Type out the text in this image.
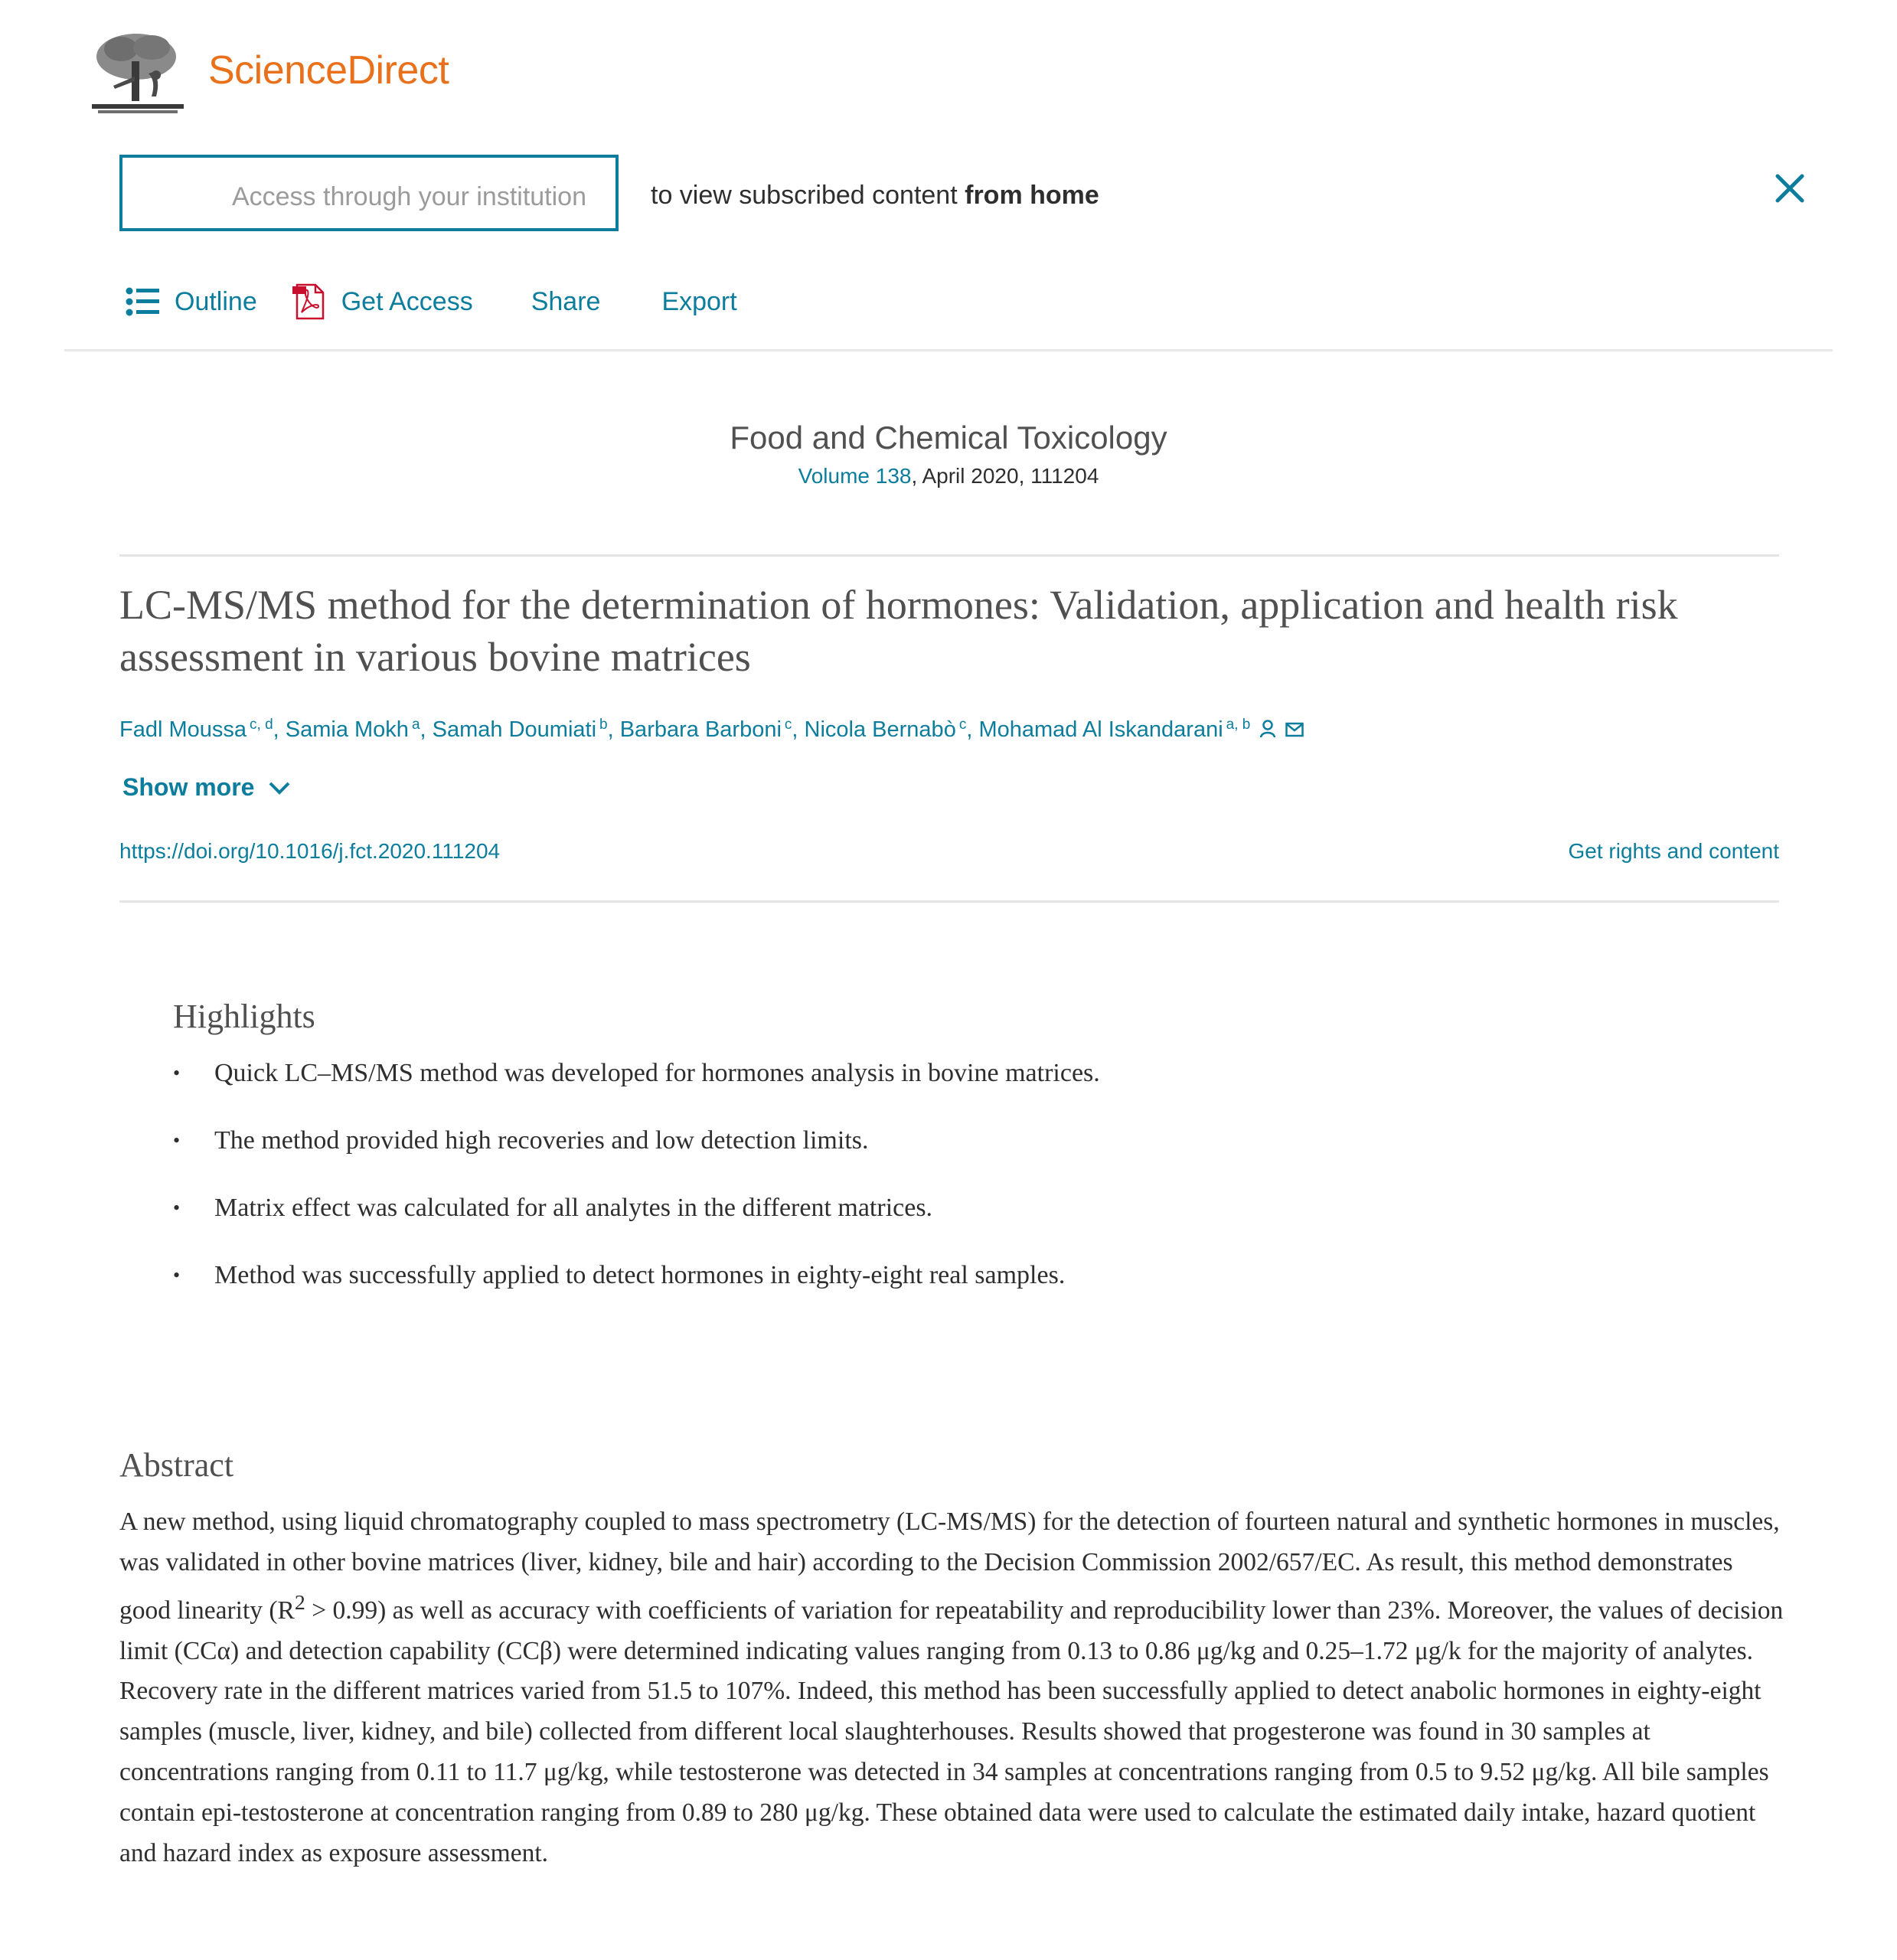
ScienceDirect
Access through your institution to view subscribed content from home
Outline	Get Access Share Export
Food and Chemical Toxicology
Volume 138, April 2020, 111204
LC-MS/MS method for the determination of hormones: Validation, application and health risk assessment in various bovine matrices
Fadl Moussa $^{c, d}$, Samia Mokh $^a$, Samah Doumiati $^b$, Barbara Barboni $^c$, Nicola Bernabò $^c$, Mohamad Al Iskandarani $^{a, b}$
Show more
https://doi.org/10.1016/j.fct.2020.111204	Get rights and content
Highlights
• Quick LC–MS/MS method was developed for hormones analysis in bovine matrices.
• The method provided high recoveries and low detection limits.
• Matrix effect was calculated for all analytes in the different matrices.
• Method was successfully applied to detect hormones in eighty-eight real samples.
Abstract

A new method, using liquid chromatography coupled to mass spectrometry (LC-MS/MS) for the detection of fourteen natural and synthetic hormones in muscles, was validated in other bovine matrices (liver, kidney, bile and hair) according to the Decision Commission 2002/657/EC. As result, this method demonstrates good linearity $(R^2 > 0.99)$ as well as accuracy with coefficients of variation for repeatability and reproducibility lower than 23%. Moreover, the values of decision limit (CCα) and detection capability (CCβ) were determined indicating values ranging from 0.13 to 0.86 μg/kg and 0.25–1.72 μg/k for the majority of analytes. Recovery rate in the different matrices varied from 51.5 to 107%. Indeed, this method has been successfully applied to detect anabolic hormones in eighty-eight samples (muscle, liver, kidney, and bile) collected from different local slaughterhouses. Results showed that progesterone was found in 30 samples at concentrations ranging from 0.11 to 11.7 μg/kg, while testosterone was detected in 34 samples at concentrations ranging from 0.5 to 9.52 μg/kg. All bile samples contain epi-testosterone at concentration ranging from 0.89 to 280 μg/kg. These obtained data were used to calculate the estimated daily intake, hazard quotient and hazard index as exposure assessment.
